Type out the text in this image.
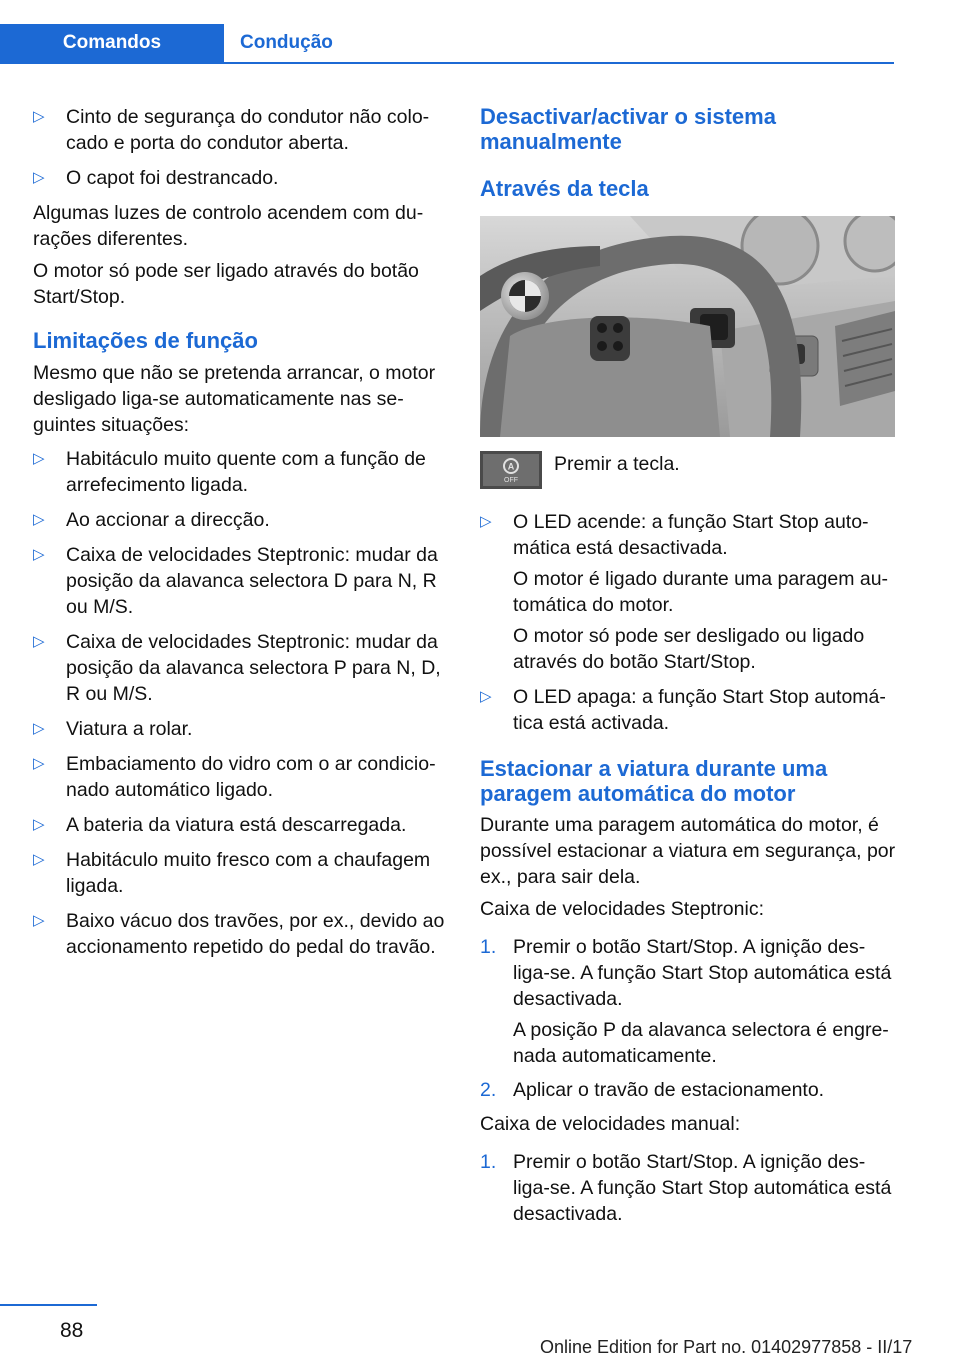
Comandos	Condução
▷ Cinto de segurança do condutor não colo-cado e porta do condutor aberta.
▷ O capot foi destrancado.

Algumas luzes de controlo acendem com du-rações diferentes.

O motor só pode ser ligado através do botão Start/Stop.

Limitações de função

Mesmo que não se pretenda arrancar, o motor desligado liga-se automaticamente nas se-guintes situações:

▷ Habitáculo muito quente com a função de arrefecimento ligada.
▷ Ao accionar a direcção.
▷ Caixa de velocidades Steptronic: mudar da posição da alavanca selectora D para N, R ou M/S.
▷ Caixa de velocidades Steptronic: mudar da posição da alavanca selectora P para N, D, R ou M/S.
▷ Viatura a rolar.
▷ Embaciamento do vidro com o ar condicio-nado automático ligado.
▷ A bateria da viatura está descarregada.
▷ Habitáculo muito fresco com a chaufagem ligada.
▷ Baixo vácuo dos travões, por ex., devido ao accionamento repetido do pedal do travão.
Desactivar/activar o sistema manualmente
Através da tecla
A
OFF
Premir a tecla.
▷ O LED acende: a função Start Stop auto-mática está desactivada.
O motor é ligado durante uma paragem au-tomática do motor.
O motor só pode ser desligado ou ligado através do botão Start/Stop.
▷ O LED apaga: a função Start Stop automá-tica está activada.
Estacionar a viatura durante uma paragem automática do motor

Durante uma paragem automática do motor, é possível estacionar a viatura em segurança, por ex., para sair dela.

Caixa de velocidades Steptronic:

1. Premir o botão Start/Stop. A ignição des-liga-se. A função Start Stop automática está desactivada.
A posição P da alavanca selectora é engre-nada automaticamente.
2. Aplicar o travão de estacionamento.

Caixa de velocidades manual:

1. Premir o botão Start/Stop. A ignição des-liga-se. A função Start Stop automática está desactivada.
88
Online Edition for Part no. 01402977858 - II/17
